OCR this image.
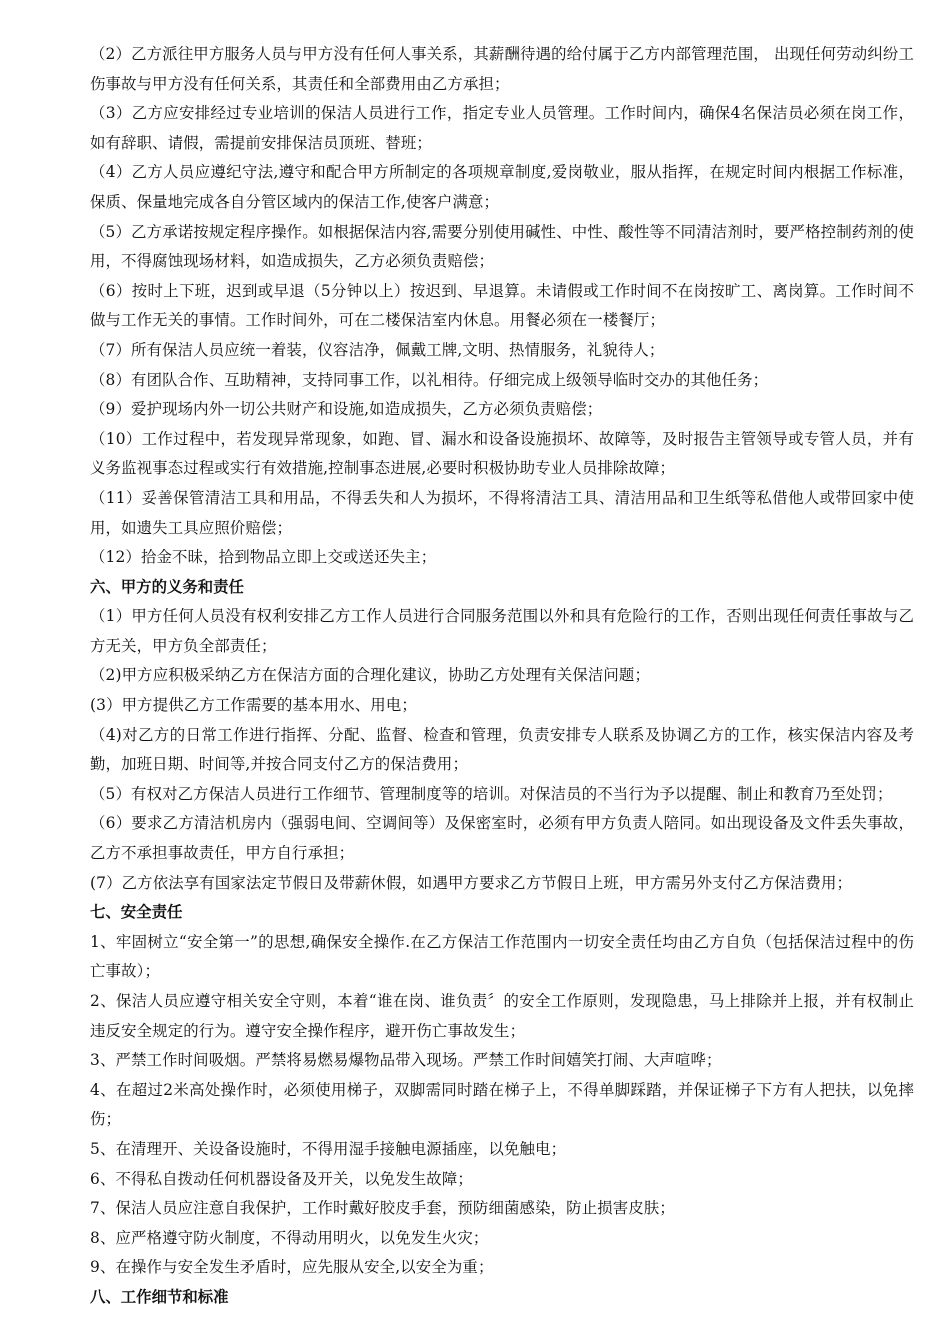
（2）乙方派往甲方服务人员与甲方没有任何人事关系，其薪酬待遇的给付属于乙方内部管理范围， 出现任何劳动纠纷工伤事故与甲方没有任何关系，其责任和全部费用由乙方承担；

（3）乙方应安排经过专业培训的保洁人员进行工作，指定专业人员管理。工作时间内，确保4名保洁员必须在岗工作，如有辞职、请假，需提前安排保洁员顶班、替班；

（4）乙方人员应遵纪守法,遵守和配合甲方所制定的各项规章制度,爱岗敬业，服从指挥，在规定时间内根据工作标准，保质、保量地完成各自分管区域内的保洁工作,使客户满意；

（5）乙方承诺按规定程序操作。如根据保洁内容,需要分别使用碱性、中性、酸性等不同清洁剂时，要严格控制药剂的使用，不得腐蚀现场材料，如造成损失，乙方必须负责赔偿；

（6）按时上下班，迟到或早退（5分钟以上）按迟到、早退算。未请假或工作时间不在岗按旷工、离岗算。工作时间不做与工作无关的事情。工作时间外，可在二楼保洁室内休息。用餐必须在一楼餐厅；

（7）所有保洁人员应统一着装，仪容洁净，佩戴工牌,文明、热情服务，礼貌待人；

（8）有团队合作、互助精神，支持同事工作，以礼相待。仔细完成上级领导临时交办的其他任务；

（9）爱护现场内外一切公共财产和设施,如造成损失，乙方必须负责赔偿；

（10）工作过程中，若发现异常现象，如跑、冒、漏水和设备设施损坏、故障等，及时报告主管领导或专管人员，并有义务监视事态过程或实行有效措施,控制事态进展,必要时积极协助专业人员排除故障；

（11）妥善保管清洁工具和用品，不得丢失和人为损坏，不得将清洁工具、清洁用品和卫生纸等私借他人或带回家中使用，如遗失工具应照价赔偿；

（12）拾金不昧，拾到物品立即上交或送还失主；

六、甲方的义务和责任

（1）甲方任何人员没有权利安排乙方工作人员进行合同服务范围以外和具有危险行的工作，否则出现任何责任事故与乙方无关，甲方负全部责任；

（2)甲方应积极采纳乙方在保洁方面的合理化建议，协助乙方处理有关保洁问题；

(3）甲方提供乙方工作需要的基本用水、用电；

（4)对乙方的日常工作进行指挥、分配、监督、检查和管理，负责安排专人联系及协调乙方的工作，核实保洁内容及考勤，加班日期、时间等,并按合同支付乙方的保洁费用；

（5）有权对乙方保洁人员进行工作细节、管理制度等的培训。对保洁员的不当行为予以提醒、制止和教育乃至处罚；

（6）要求乙方清洁机房内（强弱电间、空调间等）及保密室时，必须有甲方负责人陪同。如出现设备及文件丢失事故，乙方不承担事故责任，甲方自行承担；

(7）乙方依法享有国家法定节假日及带薪休假，如遇甲方要求乙方节假日上班，甲方需另外支付乙方保洁费用；

七、安全责任

1、牢固树立“安全第一”的思想,确保安全操作.在乙方保洁工作范围内一切安全责任均由乙方自负（包括保洁过程中的伤亡事故）；

2、保洁人员应遵守相关安全守则，本着“谁在岗、谁负责〞的安全工作原则，发现隐患，马上排除并上报，并有权制止违反安全规定的行为。遵守安全操作程序，避开伤亡事故发生；

3、严禁工作时间吸烟。严禁将易燃易爆物品带入现场。严禁工作时间嬉笑打闹、大声喧哗；

4、在超过2米高处操作时，必须使用梯子，双脚需同时踏在梯子上，不得单脚踩踏，并保证梯子下方有人把扶，以免摔伤；

5、在清理开、关设备设施时，不得用湿手接触电源插座，以免触电；

6、不得私自拨动任何机器设备及开关，以免发生故障；

7、保洁人员应注意自我保护，工作时戴好胶皮手套，预防细菌感染，防止损害皮肤；

8、应严格遵守防火制度，不得动用明火，以免发生火灾；

9、在操作与安全发生矛盾时，应先服从安全,以安全为重；

八、工作细节和标准
